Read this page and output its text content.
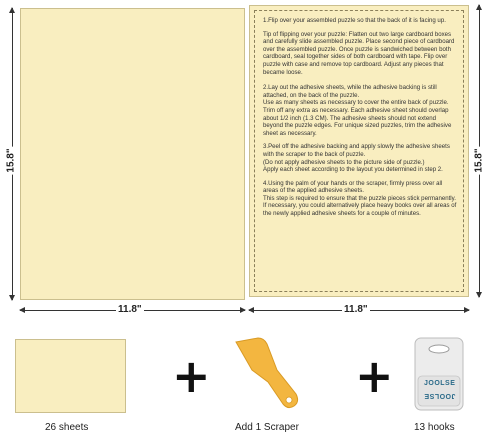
15.8"
11.8"

1.Flip over your assembled puzzle so that the back of it is facing up.

Tip of flipping over your puzzle: Flatten out two large cardboard boxes and carefully slide assembled puzzle. Place second piece of cardboard over the assembled puzzle. Once puzzle is sandwiched between both cardboard, seal together sides of both cardboard with tape. Flip over puzzle with case and remove top cardboard. Adjust any pieces that became loose.

2.Lay out the adhesive sheets, while the adhesive backing is still attached, on the back of the puzzle.
Use as many sheets as necessary to cover the entire back of puzzle. Trim off any extra as necessary. Each adhesive sheet should overlap about 1/2 inch (1.3 CM). The adhesive sheets should not extend beyond the puzzle edges. For unique sized puzzles, trim the adhesive sheet as necessary.

3.Peel off the adhesive backing and apply slowly the adhesive sheets with the scraper to the back of puzzle.
(Do not apply adhesive sheets to the picture side of puzzle.)
Apply each sheet according to the layout you determined in step 2.

4.Using the palm of your hands or the scraper, firmly press over all areas of the applied adhesive sheets.
This step is required to ensure that the puzzle pieces stick permanently. If necessary, you could alternatively place heavy books over all areas of the newly applied adhesive sheets for a couple of minutes.

15.8"
11.8"
26 sheets
+
Add 1 Scraper
+	JOOLSE
JOOLSE
13 hooks
